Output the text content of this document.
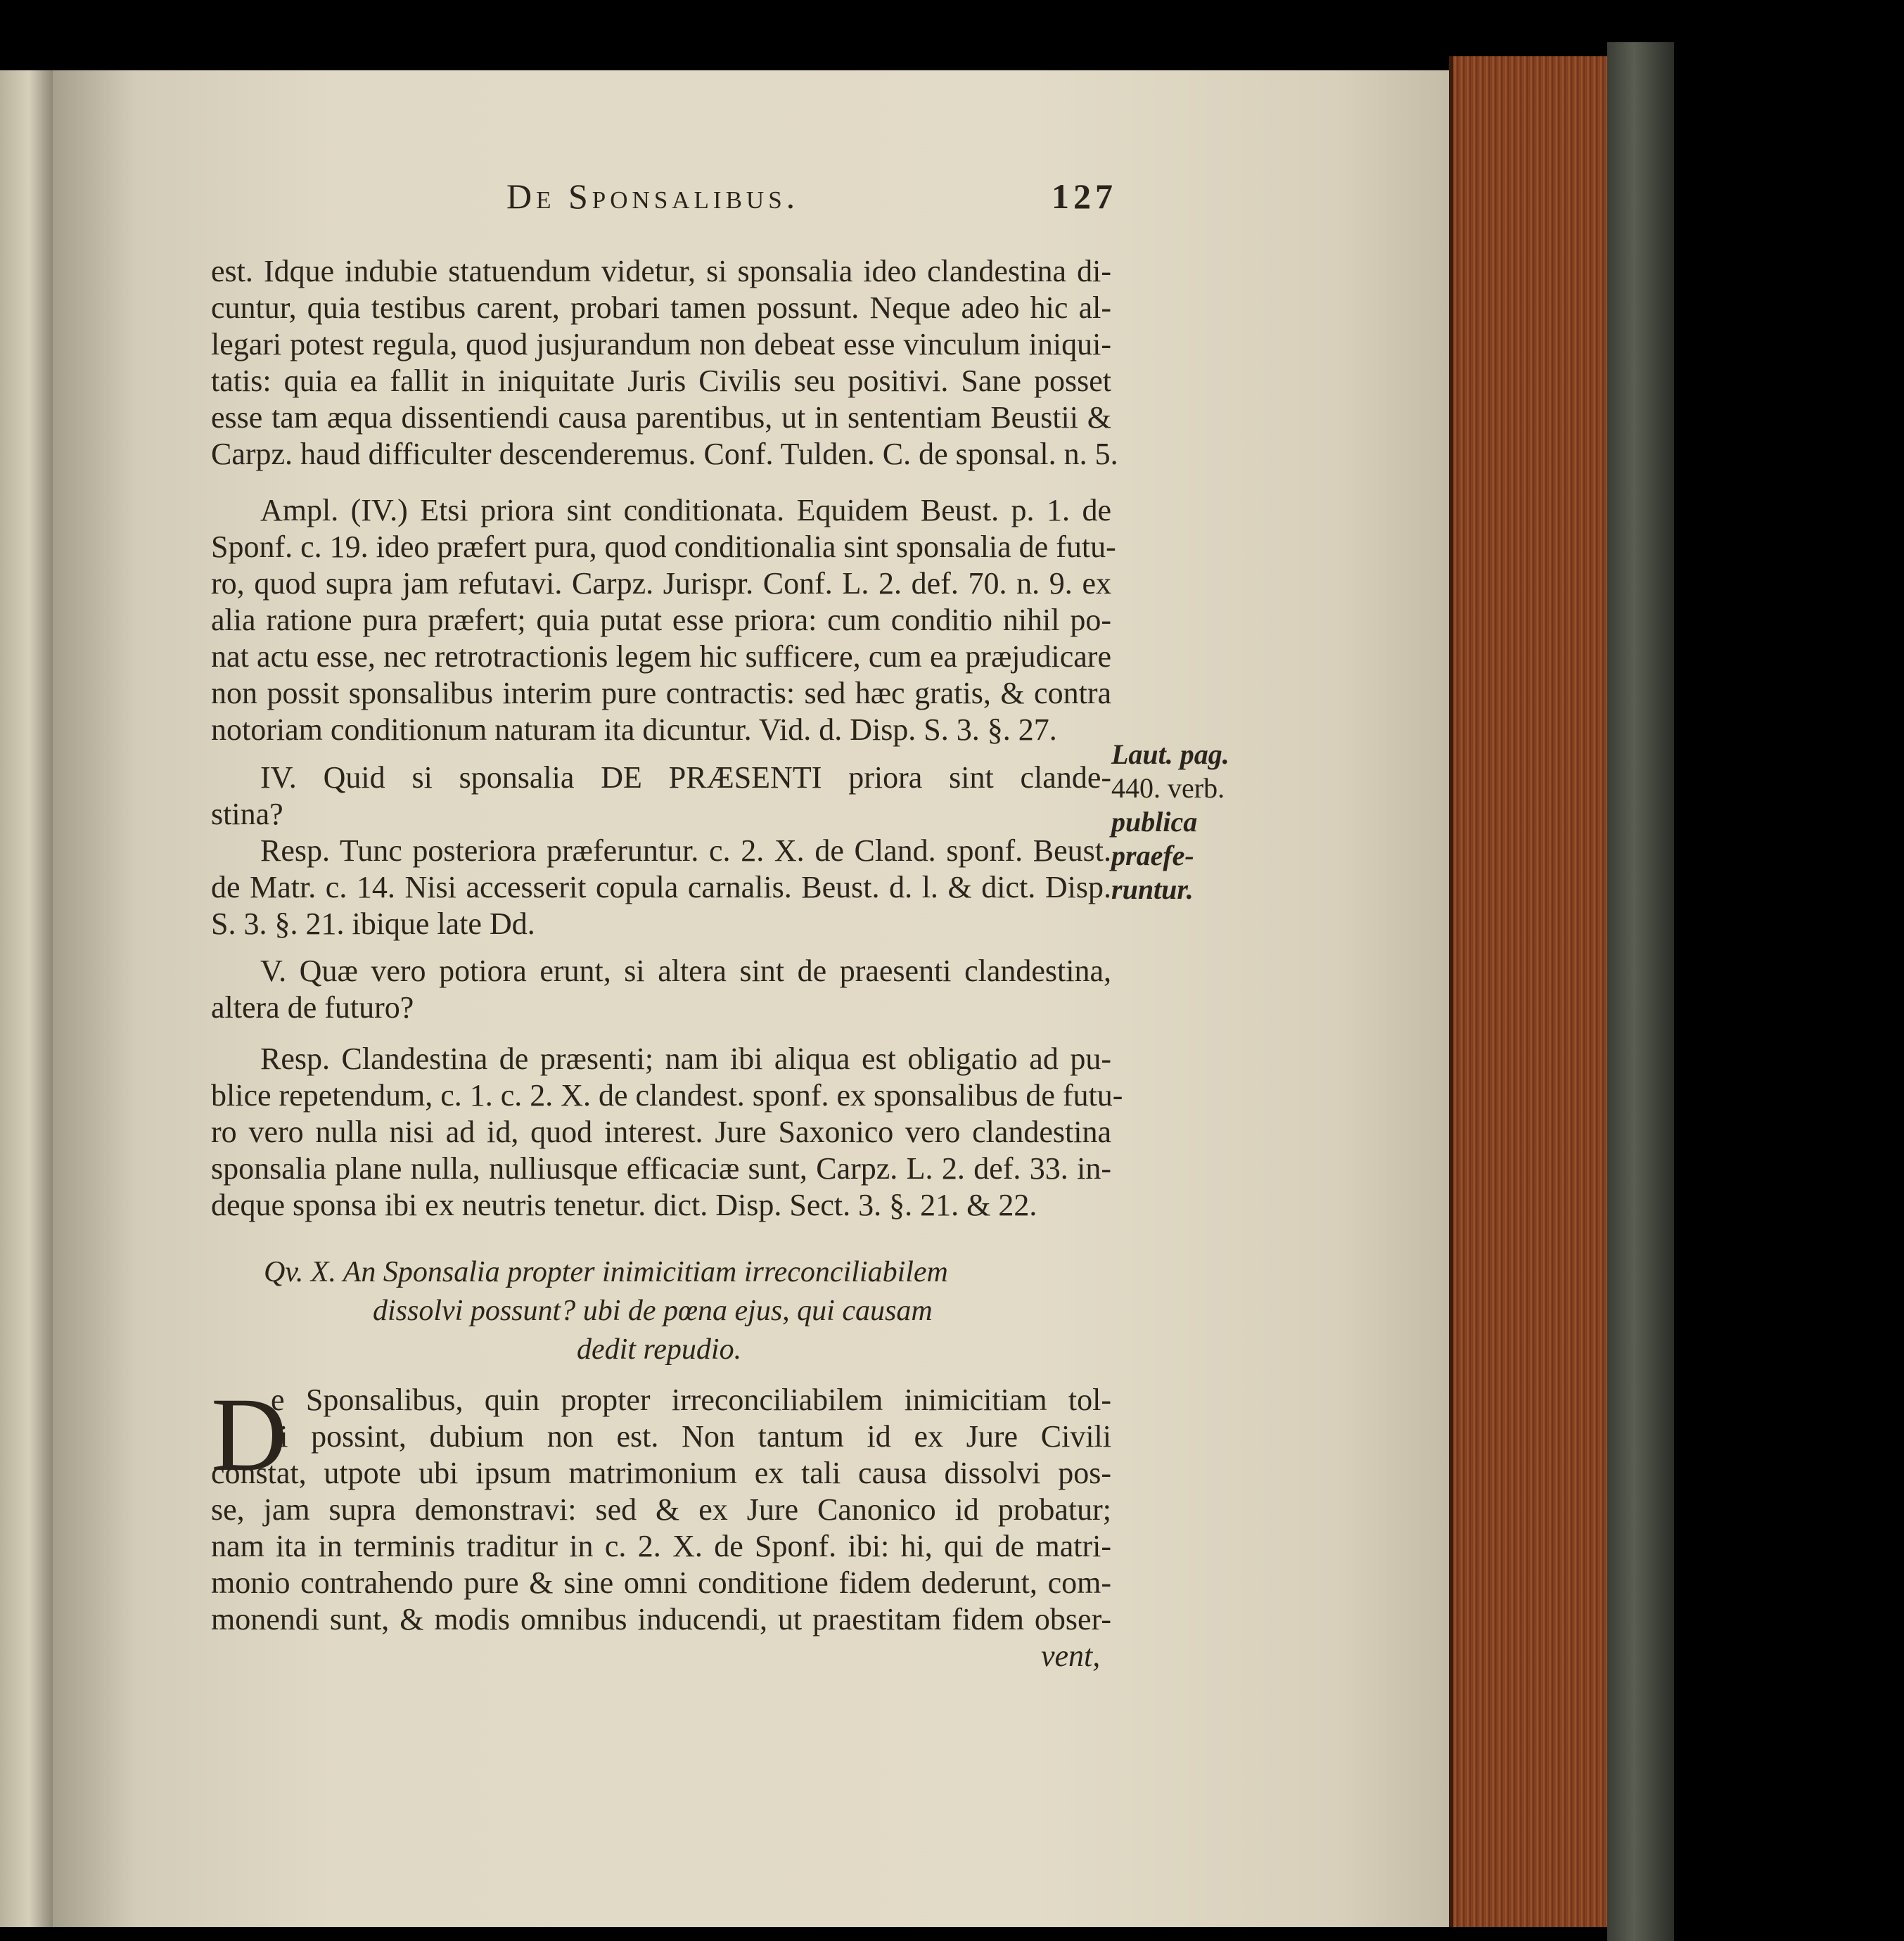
De Sponsalibus.	127
est. Idque indubie statuendum videtur, si sponsalia ideo clandestina di-
cuntur, quia testibus carent, probari tamen possunt. Neque adeo hic al-
legari potest regula, quod jusjurandum non debeat esse vinculum iniqui-
tatis: quia ea fallit in iniquitate Juris Civilis seu positivi. Sane posset
esse tam æqua dissentiendi causa parentibus, ut in sententiam Beustii &
Carpz. haud difficulter descenderemus. Conf. Tulden. C. de sponsal. n. 5.
Ampl. (IV.) Etsi priora sint conditionata. Equidem Beust. p. 1. de
Sponf. c. 19. ideo præfert pura, quod conditionalia sint sponsalia de futu-
ro, quod supra jam refutavi. Carpz. Jurispr. Conf. L. 2. def. 70. n. 9. ex
alia ratione pura præfert; quia putat esse priora: cum conditio nihil po-
nat actu esse, nec retrotractionis legem hic sufficere, cum ea præjudicare
non possit sponsalibus interim pure contractis: sed hæc gratis, & contra
notoriam conditionum naturam ita dicuntur. Vid. d. Disp. S. 3. §. 27.
IV. Quid si sponsalia DE PRÆSENTI priora sint clande-
stina?
Resp. Tunc posteriora præferuntur. c. 2. X. de Cland. sponf. Beust.
de Matr. c. 14. Nisi accesserit copula carnalis. Beust. d. l. & dict. Disp.
S. 3. §. 21. ibique late Dd.
V. Quæ vero potiora erunt, si altera sint de praesenti clandestina,
altera de futuro?
Resp. Clandestina de præsenti; nam ibi aliqua est obligatio ad pu-
blice repetendum, c. 1. c. 2. X. de clandest. sponf. ex sponsalibus de futu-
ro vero nulla nisi ad id, quod interest. Jure Saxonico vero clandestina
sponsalia plane nulla, nulliusque efficaciæ sunt, Carpz. L. 2. def. 33. in-
deque sponsa ibi ex neutris tenetur. dict. Disp. Sect. 3. §. 21. & 22.
Qv. X. An Sponsalia propter inimicitiam irreconciliabilem
dissolvi possunt? ubi de pœna ejus, qui causam
dedit repudio.
D
e Sponsalibus, quin propter irreconciliabilem inimicitiam tol-
li possint, dubium non est. Non tantum id ex Jure Civili
constat, utpote ubi ipsum matrimonium ex tali causa dissolvi pos-
se, jam supra demonstravi: sed & ex Jure Canonico id probatur;
nam ita in terminis traditur in c. 2. X. de Sponf. ibi: hi, qui de matri-
monio contrahendo pure & sine omni conditione fidem dederunt, com-
monendi sunt, & modis omnibus inducendi, ut praestitam fidem obser-
vent,
Laut. pag.
440. verb.
publica
praefe-
runtur.
